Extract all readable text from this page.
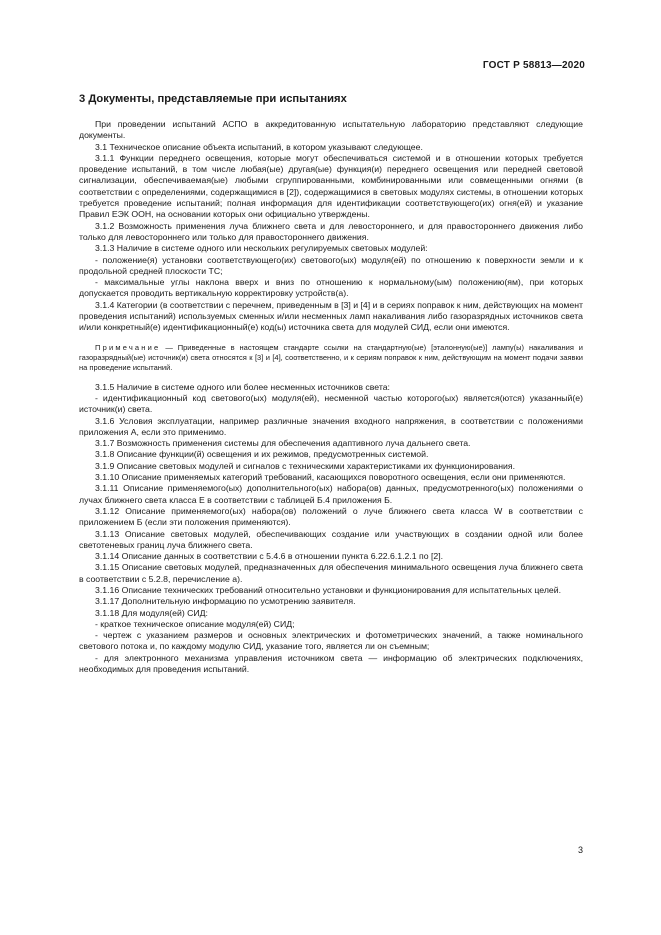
ГОСТ Р 58813—2020
3 Документы, представляемые при испытаниях

При проведении испытаний АСПО в аккредитованную испытательную лабораторию представляют следующие документы.

3.1 Техническое описание объекта испытаний, в котором указывают следующее.

3.1.1 Функции переднего освещения, которые могут обеспечиваться системой и в отношении которых требуется проведение испытаний, в том числе любая(ые) другая(ые) функция(и) переднего освещения или передней световой сигнализации, обеспечиваемая(ые) любыми сгруппированными, комбинированными или совмещенными огнями (в соответствии с определениями, содержащимися в [2]), содержащимися в световых модулях системы, в отношении которых требуется проведение испытаний; полная информация для идентификации соответствующего(их) огня(ей) и указание Правил ЕЭК ООН, на основании которых они официально утверждены.

3.1.2 Возможность применения луча ближнего света и для левостороннего, и для правостороннего движения либо только для левостороннего или только для правостороннего движения.

3.1.3 Наличие в системе одного или нескольких регулируемых световых модулей:

- положение(я) установки соответствующего(их) светового(ых) модуля(ей) по отношению к поверхности земли и к продольной средней плоскости ТС;

- максимальные углы наклона вверх и вниз по отношению к нормальному(ым) положению(ям), при которых допускается проводить вертикальную корректировку устройств(а).

3.1.4 Категории (в соответствии с перечнем, приведенным в [3] и [4] и в сериях поправок к ним, действующих на момент проведения испытаний) используемых сменных и/или несменных ламп накаливания либо газоразрядных источников света и/или конкретный(е) идентификационный(е) код(ы) источника света для модулей СИД, если они имеются.

Примечание — Приведенные в настоящем стандарте ссылки на стандартную(ые) [эталонную(ые)] лампу(ы) накаливания и газоразрядный(ые) источник(и) света относятся к [3] и [4], соответственно, и к сериям поправок к ним, действующим на момент подачи заявки на проведение испытаний.

3.1.5 Наличие в системе одного или более несменных источников света:

- идентификационный код светового(ых) модуля(ей), несменной частью которого(ых) является(ются) указанный(е) источник(и) света.

3.1.6 Условия эксплуатации, например различные значения входного напряжения, в соответствии с положениями приложения А, если это применимо.

3.1.7 Возможность применения системы для обеспечения адаптивного луча дальнего света.

3.1.8 Описание функции(й) освещения и их режимов, предусмотренных системой.

3.1.9 Описание световых модулей и сигналов с техническими характеристиками их функционирования.

3.1.10 Описание применяемых категорий требований, касающихся поворотного освещения, если они применяются.

3.1.11 Описание применяемого(ых) дополнительного(ых) набора(ов) данных, предусмотренного(ых) положениями о лучах ближнего света класса Е в соответствии с таблицей Б.4 приложения Б.

3.1.12 Описание применяемого(ых) набора(ов) положений о луче ближнего света класса W в соответствии с приложением Б (если эти положения применяются).

3.1.13 Описание световых модулей, обеспечивающих создание или участвующих в создании одной или более светотеневых границ луча ближнего света.

3.1.14 Описание данных в соответствии с 5.4.6 в отношении пункта 6.22.6.1.2.1 по [2].

3.1.15 Описание световых модулей, предназначенных для обеспечения минимального освещения луча ближнего света в соответствии с 5.2.8, перечисление а).

3.1.16 Описание технических требований относительно установки и функционирования для испытательных целей.

3.1.17 Дополнительную информацию по усмотрению заявителя.

3.1.18 Для модуля(ей) СИД:

- краткое техническое описание модуля(ей) СИД;

- чертеж с указанием размеров и основных электрических и фотометрических значений, а также номинального светового потока и, по каждому модулю СИД, указание того, является ли он съемным;

- для электронного механизма управления источником света — информацию об электрических подключениях, необходимых для проведения испытаний.

3
